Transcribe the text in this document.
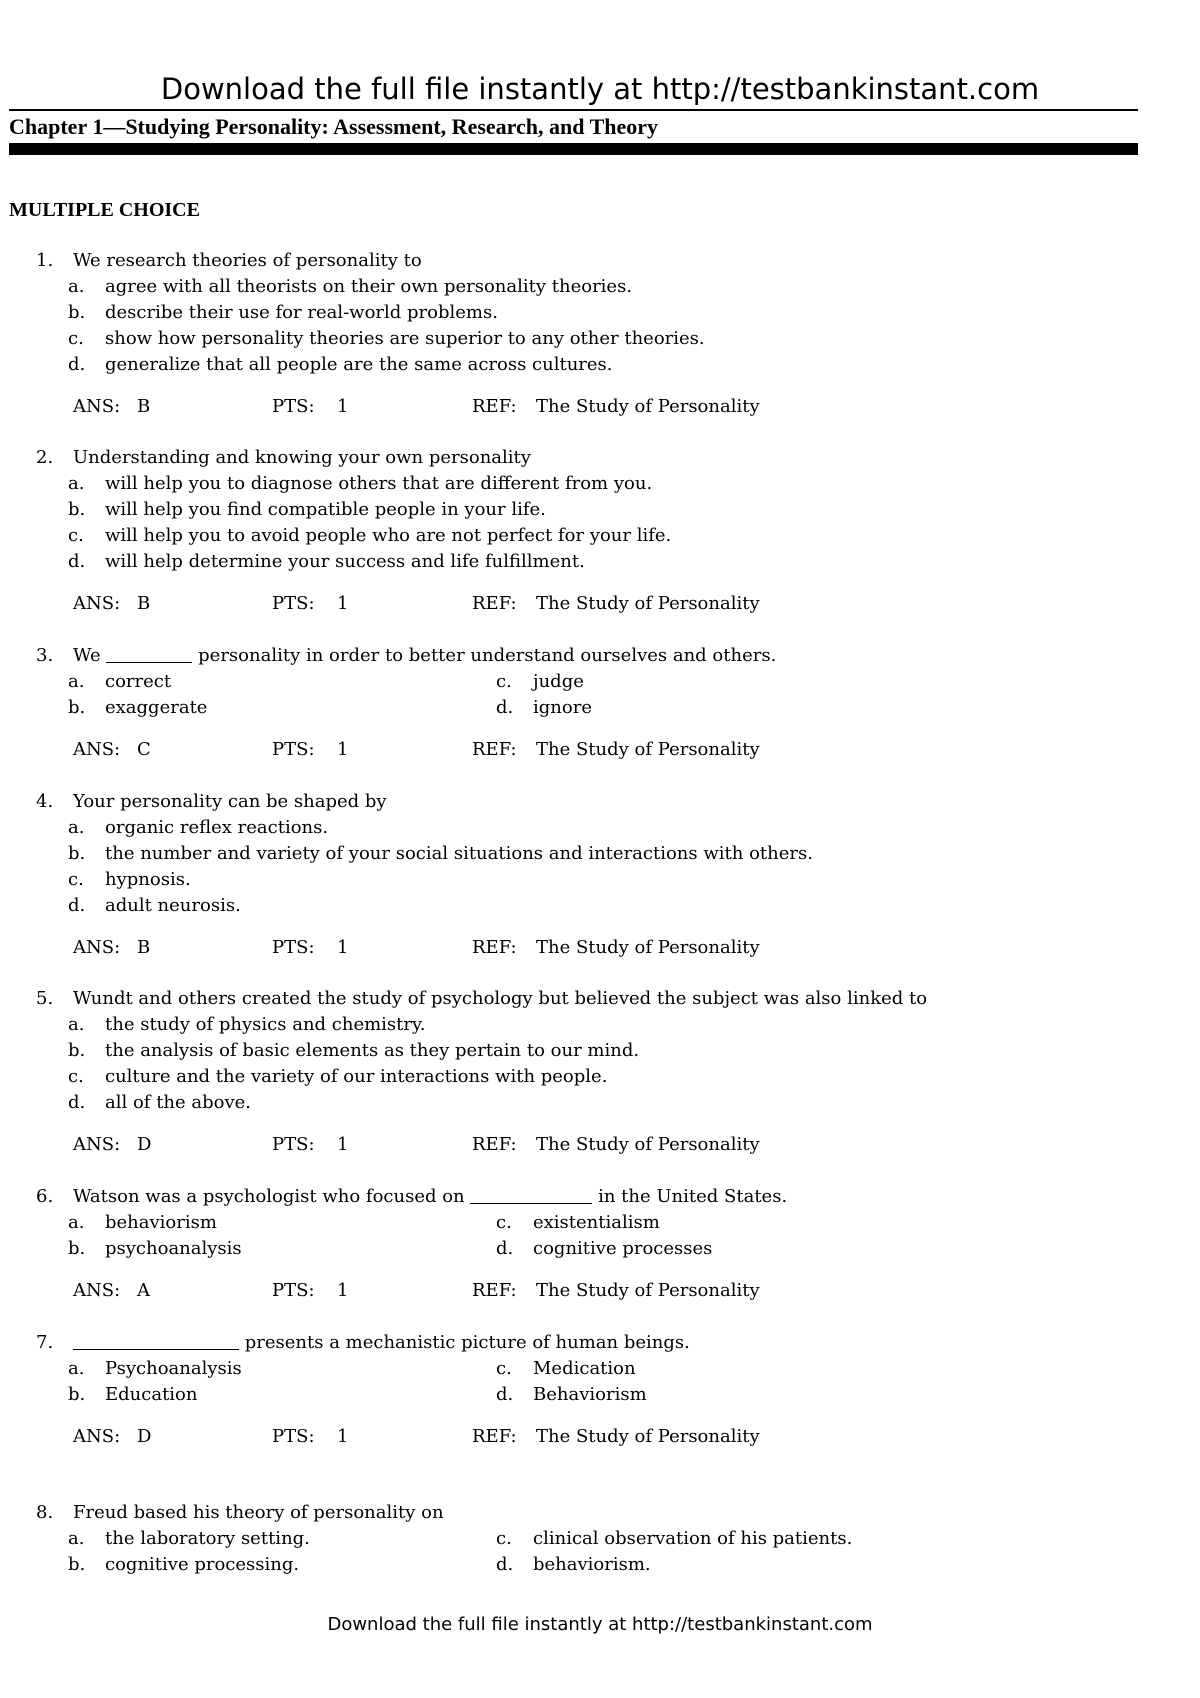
Download the full file instantly at http://testbankinstant.com
Chapter 1—Studying Personality: Assessment, Research, and Theory
MULTIPLE CHOICE
1. We research theories of personality to
a. agree with all theorists on their own personality theories.
b. describe their use for real-world problems.
c. show how personality theories are superior to any other theories.
d. generalize that all people are the same across cultures.
ANS: B	PTS: 1	REF: The Study of Personality
2. Understanding and knowing your own personality
a. will help you to diagnose others that are different from you.
b. will help you find compatible people in your life.
c. will help you to avoid people who are not perfect for your life.
d. will help determine your success and life fulfillment.
ANS: B	PTS: 1	REF: The Study of Personality
3. We	personality in order to better understand ourselves and others.
a. correct	c. judge
b. exaggerate	d. ignore
ANS: C	PTS: 1	REF: The Study of Personality
4. Your personality can be shaped by
a. organic reflex reactions.
b. the number and variety of your social situations and interactions with others.
c. hypnosis.
d. adult neurosis.
ANS: B	PTS: 1	REF: The Study of Personality
5. Wundt and others created the study of psychology but believed the subject was also linked to
a. the study of physics and chemistry.
b. the analysis of basic elements as they pertain to our mind.
c. culture and the variety of our interactions with people.
d. all of the above.
ANS: D	PTS: 1	REF: The Study of Personality
6. Watson was a psychologist who focused on	in the United States.
a. behaviorism	c. existentialism
b. psychoanalysis	d. cognitive processes
ANS: A	PTS: 1	REF: The Study of Personality
7.	presents a mechanistic picture of human beings.
a. Psychoanalysis	c. Medication
b. Education	d. Behaviorism
ANS: D	PTS: 1	REF: The Study of Personality
8. Freud based his theory of personality on
a. the laboratory setting.	c. clinical observation of his patients.
b. cognitive processing.	d. behaviorism.
Download the full file instantly at http://testbankinstant.com
